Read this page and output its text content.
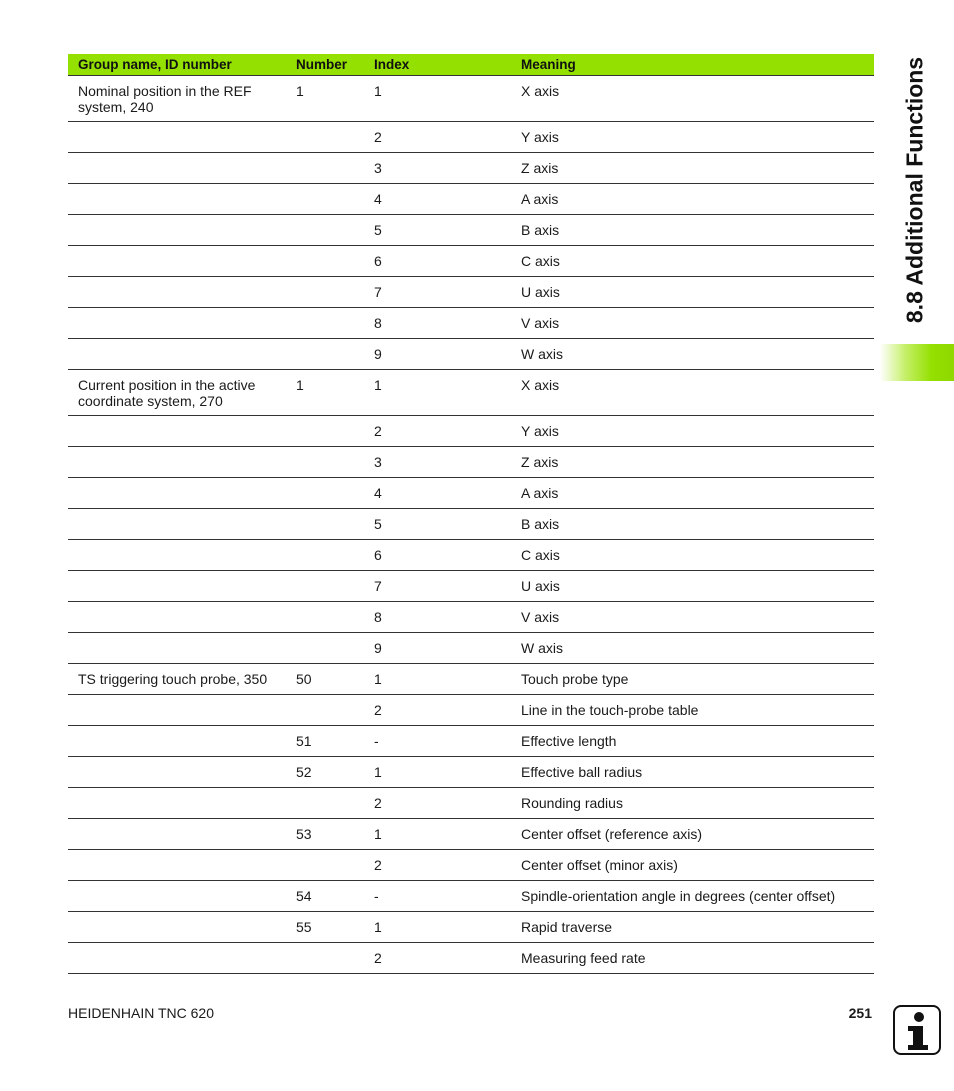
Group name, ID number	Number	Index	Meaning
Nominal position in the REF system, 240	1	1	X axis
		2	Y axis
		3	Z axis
		4	A axis
		5	B axis
		6	C axis
		7	U axis
		8	V axis
		9	W axis
Current position in the active coordinate system, 270	1	1	X axis
		2	Y axis
		3	Z axis
		4	A axis
		5	B axis
		6	C axis
		7	U axis
		8	V axis
		9	W axis
TS triggering touch probe, 350	50	1	Touch probe type
		2	Line in the touch-probe table
	51	-	Effective length
	52	1	Effective ball radius
		2	Rounding radius
	53	1	Center offset (reference axis)
		2	Center offset (minor axis)
	54	-	Spindle-orientation angle in degrees (center offset)
	55	1	Rapid traverse
		2	Measuring feed rate
8.8 Additional Functions
HEIDENHAIN TNC 620	251
